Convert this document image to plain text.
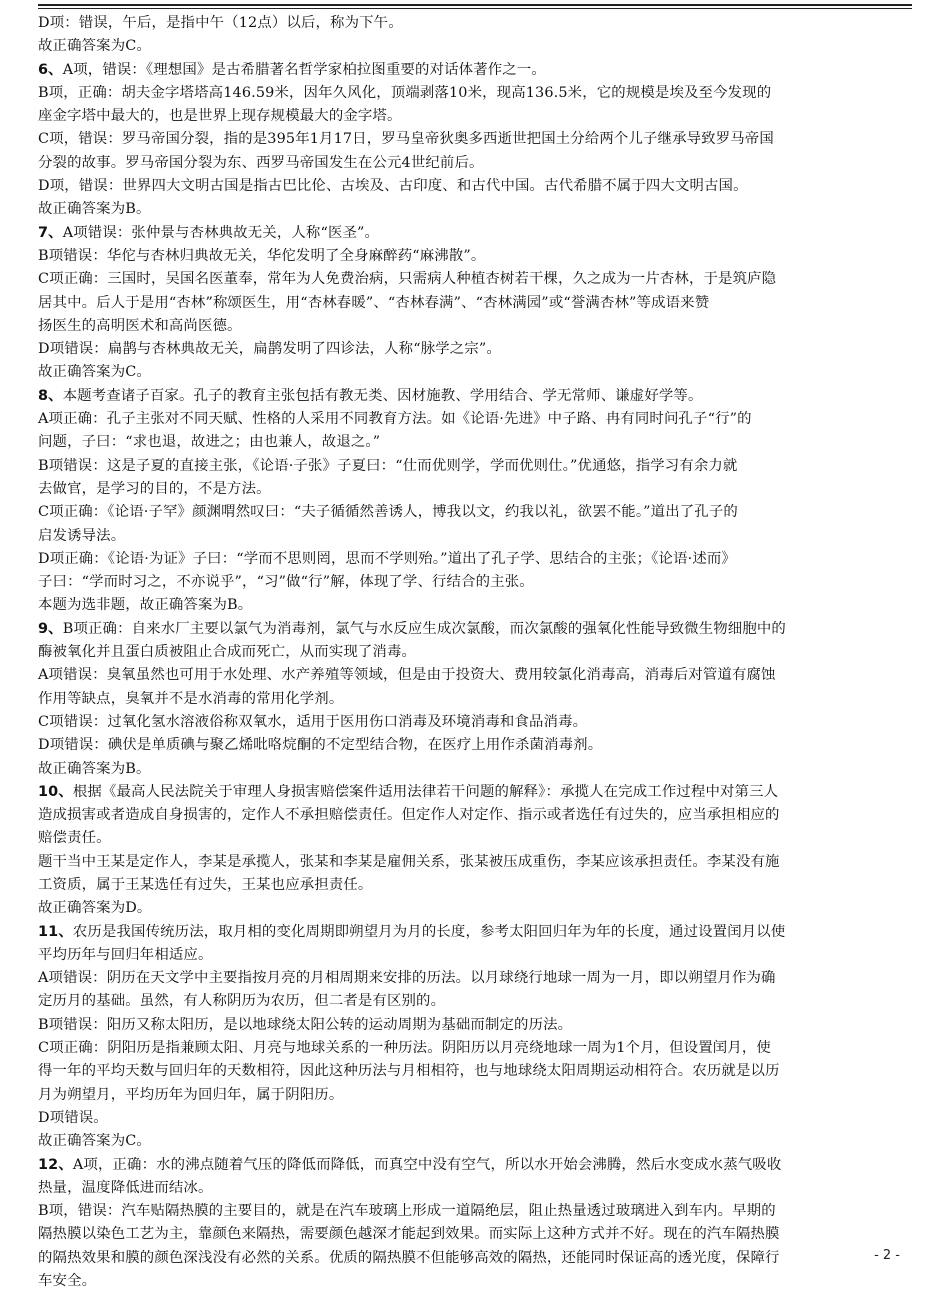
D项：错误，午后，是指中午（12点）以后，称为下午。
故正确答案为C。
6、A项，错误：《理想国》是古希腊著名哲学家柏拉图重要的对话体著作之一。
B项，正确：胡夫金字塔塔高146.59米，因年久风化，顶端剥落10米，现高136.5米，它的规模是埃及至今发现的
座金字塔中最大的，也是世界上现存规模最大的金字塔。
C项，错误：罗马帝国分裂，指的是395年1月17日，罗马皇帝狄奥多西逝世把国土分给两个儿子继承导致罗马帝国
分裂的故事。罗马帝国分裂为东、西罗马帝国发生在公元4世纪前后。
D项，错误：世界四大文明古国是指古巴比伦、古埃及、古印度、和古代中国。古代希腊不属于四大文明古国。
故正确答案为B。
7、A项错误：张仲景与杏林典故无关，人称“医圣”。
B项错误：华佗与杏林归典故无关，华佗发明了全身麻醉药“麻沸散”。
C项正确：三国时，吴国名医董奉，常年为人免费治病，只需病人种植杏树若干棵，久之成为一片杏林，于是筑庐隐
居其中。后人于是用“杏林”称颂医生，用“杏林春暖”、“杏林春满”、“杏林满园”或“誉满杏林”等成语来赞
扬医生的高明医术和高尚医德。
D项错误：扁鹊与杏林典故无关，扁鹊发明了四诊法，人称“脉学之宗”。
故正确答案为C。
8、本题考查诸子百家。孔子的教育主张包括有教无类、因材施教、学用结合、学无常师、谦虚好学等。
A项正确：孔子主张对不同天赋、性格的人采用不同教育方法。如《论语·先进》中子路、冉有同时问孔子“行”的
问题，子曰：“求也退，故进之；由也兼人，故退之。”
B项错误：这是子夏的直接主张，《论语·子张》子夏曰：“仕而优则学，学而优则仕。”优通悠，指学习有余力就
去做官，是学习的目的，不是方法。
C项正确：《论语·子罕》颜渊喟然叹曰：“夫子循循然善诱人，博我以文，约我以礼，欲罢不能。”道出了孔子的
启发诱导法。
D项正确：《论语·为证》子曰：“学而不思则罔，思而不学则殆。”道出了孔子学、思结合的主张；《论语·述而》
子曰：“学而时习之，不亦说乎”，“习”做“行”解，体现了学、行结合的主张。
本题为选非题，故正确答案为B。
9、B项正确：自来水厂主要以氯气为消毒剂，氯气与水反应生成次氯酸，而次氯酸的强氧化性能导致微生物细胞中的
酶被氧化并且蛋白质被阻止合成而死亡，从而实现了消毒。
A项错误：臭氧虽然也可用于水处理、水产养殖等领域，但是由于投资大、费用较氯化消毒高，消毒后对管道有腐蚀
作用等缺点，臭氧并不是水消毒的常用化学剂。
C项错误：过氧化氢水溶液俗称双氧水，适用于医用伤口消毒及环境消毒和食品消毒。
D项错误：碘伏是单质碘与聚乙烯吡咯烷酮的不定型结合物，在医疗上用作杀菌消毒剂。
故正确答案为B。
10、根据《最高人民法院关于审理人身损害赔偿案件适用法律若干问题的解释》：承揽人在完成工作过程中对第三人
造成损害或者造成自身损害的，定作人不承担赔偿责任。但定作人对定作、指示或者选任有过失的，应当承担相应的
赔偿责任。
题干当中王某是定作人，李某是承揽人，张某和李某是雇佣关系，张某被压成重伤，李某应该承担责任。李某没有施
工资质，属于王某选任有过失，王某也应承担责任。
故正确答案为D。
11、农历是我国传统历法，取月相的变化周期即朔望月为月的长度，参考太阳回归年为年的长度，通过设置闰月以使
平均历年与回归年相适应。
A项错误：阴历在天文学中主要指按月亮的月相周期来安排的历法。以月球绕行地球一周为一月，即以朔望月作为确
定历月的基础。虽然，有人称阴历为农历，但二者是有区别的。
B项错误：阳历又称太阳历，是以地球绕太阳公转的运动周期为基础而制定的历法。
C项正确：阴阳历是指兼顾太阳、月亮与地球关系的一种历法。阴阳历以月亮绕地球一周为1个月，但设置闰月，使
得一年的平均天数与回归年的天数相符，因此这种历法与月相相符，也与地球绕太阳周期运动相符合。农历就是以历
月为朔望月，平均历年为回归年，属于阴阳历。
D项错误。
故正确答案为C。
12、A项，正确：水的沸点随着气压的降低而降低，而真空中没有空气，所以水开始会沸腾，然后水变成水蒸气吸收
热量，温度降低进而结冰。
B项，错误：汽车贴隔热膜的主要目的，就是在汽车玻璃上形成一道隔绝层，阻止热量透过玻璃进入到车内。早期的
隔热膜以染色工艺为主，靠颜色来隔热，需要颜色越深才能起到效果。而实际上这种方式并不好。现在的汽车隔热膜
的隔热效果和膜的颜色深浅没有必然的关系。优质的隔热膜不但能够高效的隔热，还能同时保证高的透光度，保障行
车安全。
- 2 -
